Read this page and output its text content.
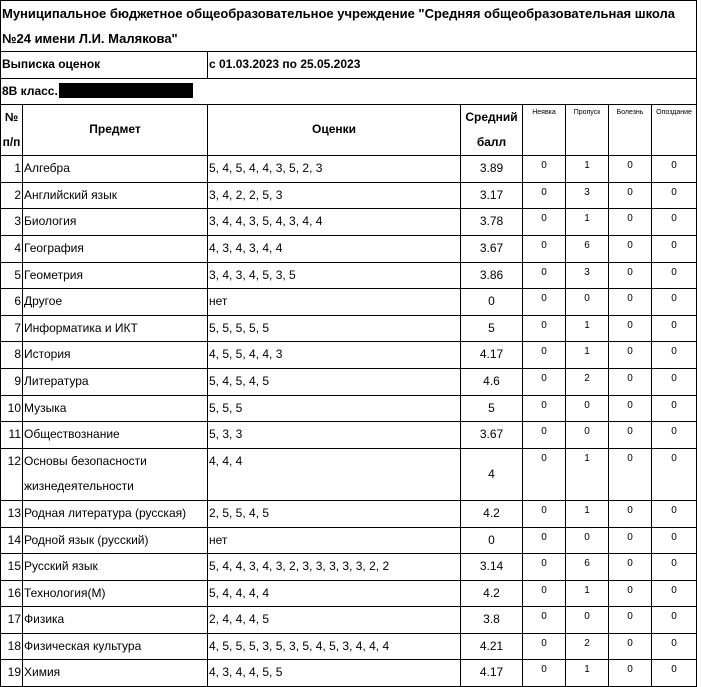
Муниципальное бюджетное общеобразовательное учреждение "Средняя общеобразовательная школа №24 имени Л.И. Малякова"							
Выписка оценок		с 01.03.2023 по 25.05.2023					
8В класс.							
№ п/п	Предмет	Оценки	Средний балл	Неявка	Пропуск	Болезнь	Опоздание
1	Алгебра	5, 4, 5, 4, 4, 3, 5, 2, 3	3.89	0	1	0	0
2	Английский язык	3, 4, 2, 2, 5, 3	3.17	0	3	0	0
3	Биология	3, 4, 4, 3, 5, 4, 3, 4, 4	3.78	0	1	0	0
4	География	4, 3, 4, 3, 4, 4	3.67	0	6	0	0
5	Геометрия	3, 4, 3, 4, 5, 3, 5	3.86	0	3	0	0
6	Другое	нет	0	0	0	0	0
7	Информатика и ИКТ	5, 5, 5, 5, 5	5	0	1	0	0
8	История	4, 5, 5, 4, 4, 3	4.17	0	1	0	0
9	Литература	5, 4, 5, 4, 5	4.6	0	2	0	0
10	Музыка	5, 5, 5	5	0	0	0	0
11	Обществознание	5, 3, 3	3.67	0	0	0	0
12	Основы безопасности жизнедеятельности	4, 4, 4	4	0	1	0	0
13	Родная литература (русская)	2, 5, 5, 4, 5	4.2	0	1	0	0
14	Родной язык (русский)	нет	0	0	0	0	0
15	Русский язык	5, 4, 4, 3, 4, 3, 2, 3, 3, 3, 3, 3, 2, 2	3.14	0	6	0	0
16	Технология(М)	5, 4, 4, 4, 4	4.2	0	1	0	0
17	Физика	2, 4, 4, 4, 5	3.8	0	0	0	0
18	Физическая культура	4, 5, 5, 5, 3, 5, 3, 5, 4, 5, 3, 4, 4, 4	4.21	0	2	0	0
19	Химия	4, 3, 4, 4, 5, 5	4.17	0	1	0	0
